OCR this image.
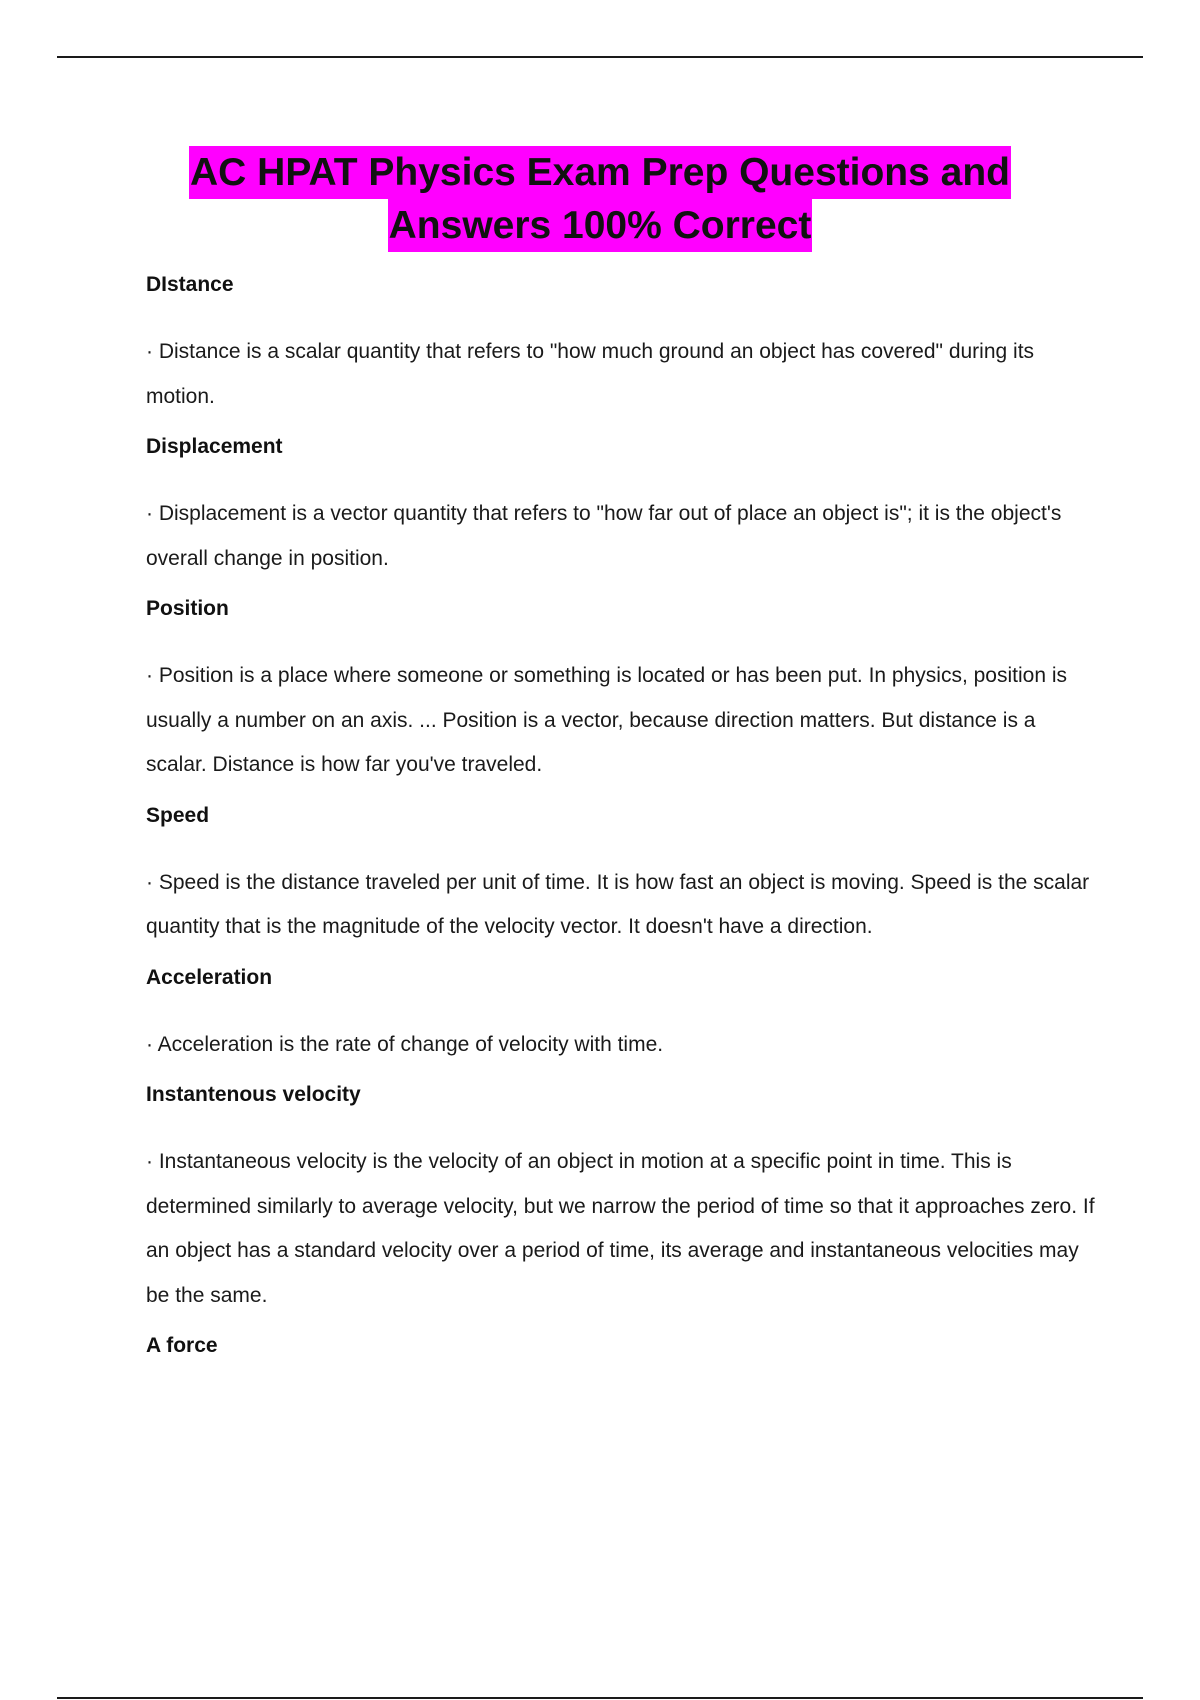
AC HPAT Physics Exam Prep Questions and
Answers 100% Correct
DIstance
· Distance is a scalar quantity that refers to "how much ground an object has covered" during its motion.
Displacement
· Displacement is a vector quantity that refers to "how far out of place an object is"; it is the object's overall change in position.
Position
· Position is a place where someone or something is located or has been put. In physics, position is usually a number on an axis. ... Position is a vector, because direction matters. But distance is a scalar. Distance is how far you've traveled.
Speed
· Speed is the distance traveled per unit of time. It is how fast an object is moving. Speed is the scalar quantity that is the magnitude of the velocity vector. It doesn't have a direction.
Acceleration
· Acceleration is the rate of change of velocity with time.
Instantenous velocity
· Instantaneous velocity is the velocity of an object in motion at a specific point in time. This is determined similarly to average velocity, but we narrow the period of time so that it approaches zero. If an object has a standard velocity over a period of time, its average and instantaneous velocities may be the same.
A force
